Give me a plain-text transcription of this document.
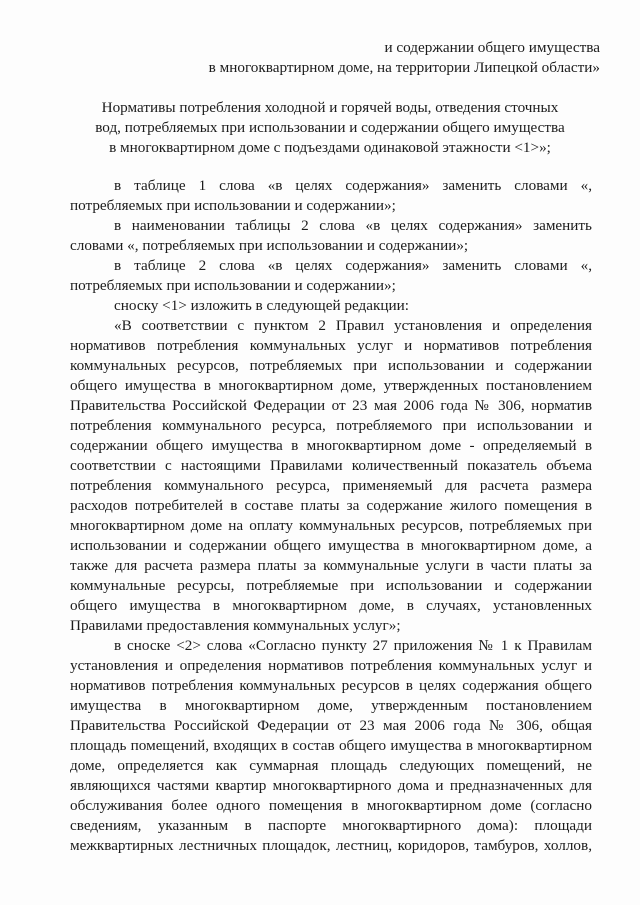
и содержании общего имущества
в многоквартирном доме, на территории Липецкой области»
Нормативы потребления холодной и горячей воды, отведения сточных
вод, потребляемых при использовании и содержании общего имущества
в многоквартирном доме с подъездами одинаковой этажности <1>»;

в таблице 1 слова «в целях содержания» заменить словами «, потребляемых при использовании и содержании»;

в наименовании таблицы 2 слова «в целях содержания» заменить словами «, потребляемых при использовании и содержании»;

в таблице 2 слова «в целях содержания» заменить словами «, потребляемых при использовании и содержании»;

сноску <1> изложить в следующей редакции:

«В соответствии с пунктом 2 Правил установления и определения нормативов потребления коммунальных услуг и нормативов потребления коммунальных ресурсов, потребляемых при использовании и содержании общего имущества в многоквартирном доме, утвержденных постановлением Правительства Российской Федерации от 23 мая 2006 года № 306, норматив потребления коммунального ресурса, потребляемого при использовании и содержании общего имущества в многоквартирном доме - определяемый в соответствии с настоящими Правилами количественный показатель объема потребления коммунального ресурса, применяемый для расчета размера расходов потребителей в составе платы за содержание жилого помещения в многоквартирном доме на оплату коммунальных ресурсов, потребляемых при использовании и содержании общего имущества в многоквартирном доме, а также для расчета размера платы за коммунальные услуги в части платы за коммунальные ресурсы, потребляемые при использовании и содержании общего имущества в многоквартирном доме, в случаях, установленных Правилами предоставления коммунальных услуг»;

в сноске <2> слова «Согласно пункту 27 приложения № 1 к Правилам установления и определения нормативов потребления коммунальных услуг и нормативов потребления коммунальных ресурсов в целях содержания общего имущества в многоквартирном доме, утвержденным постановлением Правительства Российской Федерации от 23 мая 2006 года № 306, общая площадь помещений, входящих в состав общего имущества в многоквартирном доме, определяется как суммарная площадь следующих помещений, не являющихся частями квартир многоквартирного дома и предназначенных для обслуживания более одного помещения в многоквартирном доме (согласно сведениям, указанным в паспорте многоквартирного дома): площади межквартирных лестничных площадок, лестниц, коридоров, тамбуров, холлов,
